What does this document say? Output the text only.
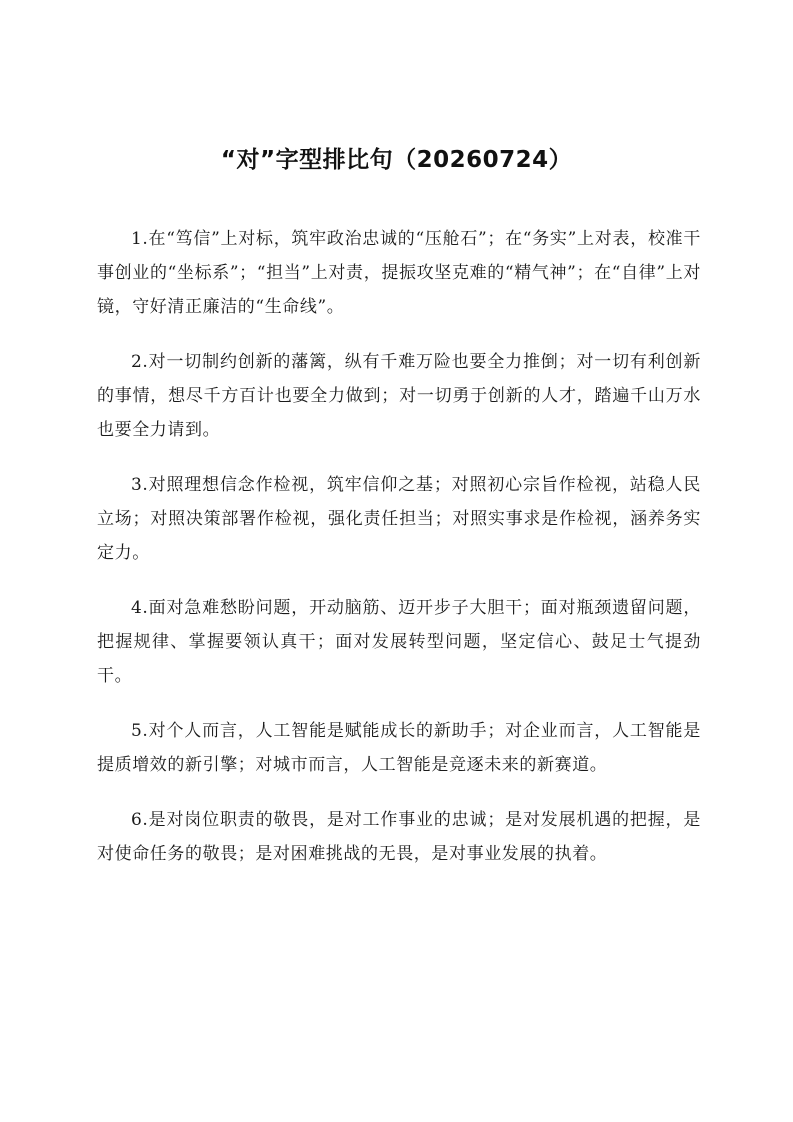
“对”字型排比句（20260724）

1.在“笃信”上对标，筑牢政治忠诚的“压舱石”；在“务实”上对表，校准干事创业的“坐标系”；“担当”上对责，提振攻坚克难的“精气神”；在“自律”上对镜，守好清正廉洁的“生命线”。

2.对一切制约创新的藩篱，纵有千难万险也要全力推倒；对一切有利创新的事情，想尽千方百计也要全力做到；对一切勇于创新的人才，踏遍千山万水也要全力请到。

3.对照理想信念作检视，筑牢信仰之基；对照初心宗旨作检视，站稳人民立场；对照决策部署作检视，强化责任担当；对照实事求是作检视，涵养务实定力。

4.面对急难愁盼问题，开动脑筋、迈开步子大胆干；面对瓶颈遗留问题，把握规律、掌握要领认真干；面对发展转型问题，坚定信心、鼓足士气提劲干。

5.对个人而言，人工智能是赋能成长的新助手；对企业而言，人工智能是提质增效的新引擎；对城市而言，人工智能是竞逐未来的新赛道。

6.是对岗位职责的敬畏，是对工作事业的忠诚；是对发展机遇的把握，是对使命任务的敬畏；是对困难挑战的无畏，是对事业发展的执着。
